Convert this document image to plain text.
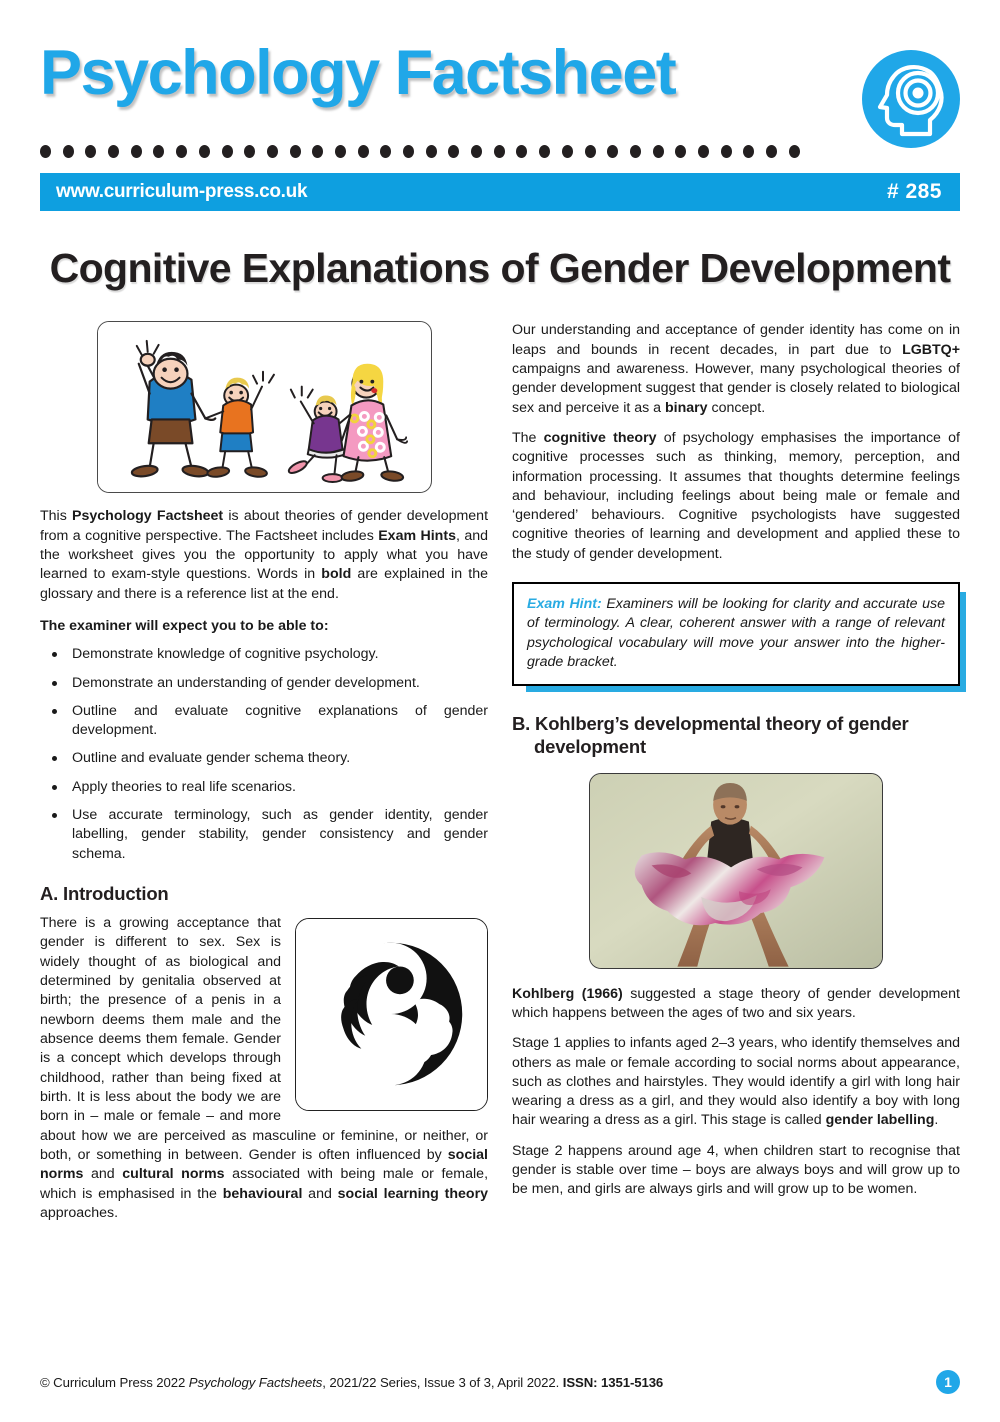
Psychology Factsheet
www.curriculum-press.co.uk	# 285
Cognitive Explanations of Gender Development

This Psychology Factsheet is about theories of gender development from a cognitive perspective. The Factsheet includes Exam Hints, and the worksheet gives you the opportunity to apply what you have learned to exam-style questions. Words in bold are explained in the glossary and there is a reference list at the end.

The examiner will expect you to be able to:

Demonstrate knowledge of cognitive psychology.
Demonstrate an understanding of gender development.
Outline and evaluate cognitive explanations of gender development.
Outline and evaluate gender schema theory.
Apply theories to real life scenarios.
Use accurate terminology, such as gender identity, gender labelling, gender stability, gender consistency and gender schema.
A. Introduction

There is a growing acceptance that gender is different to sex. Sex is widely thought of as biological and determined by genitalia observed at birth; the presence of a penis in a newborn deems them male and the absence deems them female. Gender is a concept which develops through childhood, rather than being fixed at birth. It is less about the body we are born in – male or female – and more about how we are perceived as masculine or feminine, or neither, or both, or something in between. Gender is often influenced by social norms and cultural norms associated with being male or female, which is emphasised in the behavioural and social learning theory approaches.

Our understanding and acceptance of gender identity has come on in leaps and bounds in recent decades, in part due to LGBTQ+ campaigns and awareness. However, many psychological theories of gender development suggest that gender is closely related to biological sex and perceive it as a binary concept.

The cognitive theory of psychology emphasises the importance of cognitive processes such as thinking, memory, perception, and information processing. It assumes that thoughts determine feelings and behaviour, including feelings about being male or female and ‘gendered’ behaviours. Cognitive psychologists have suggested cognitive theories of learning and development and applied these to the study of gender development.

Exam Hint: Examiners will be looking for clarity and accurate use of terminology. A clear, coherent answer with a range of relevant psychological vocabulary will move your answer into the higher-grade bracket.

B. Kohlberg’s developmental theory of gender development

Kohlberg (1966) suggested a stage theory of gender development which happens between the ages of two and six years.

Stage 1 applies to infants aged 2–3 years, who identify themselves and others as male or female according to social norms about appearance, such as clothes and hairstyles. They would identify a girl with long hair wearing a dress as a girl, and they would also identify a boy with long hair wearing a dress as a girl. This stage is called gender labelling.

Stage 2 happens around age 4, when children start to recognise that gender is stable over time – boys are always boys and will grow up to be men, and girls are always girls and will grow up to be women.

© Curriculum Press 2022 Psychology Factsheets, 2021/22 Series, Issue 3 of 3, April 2022. ISSN: 1351-5136	1
